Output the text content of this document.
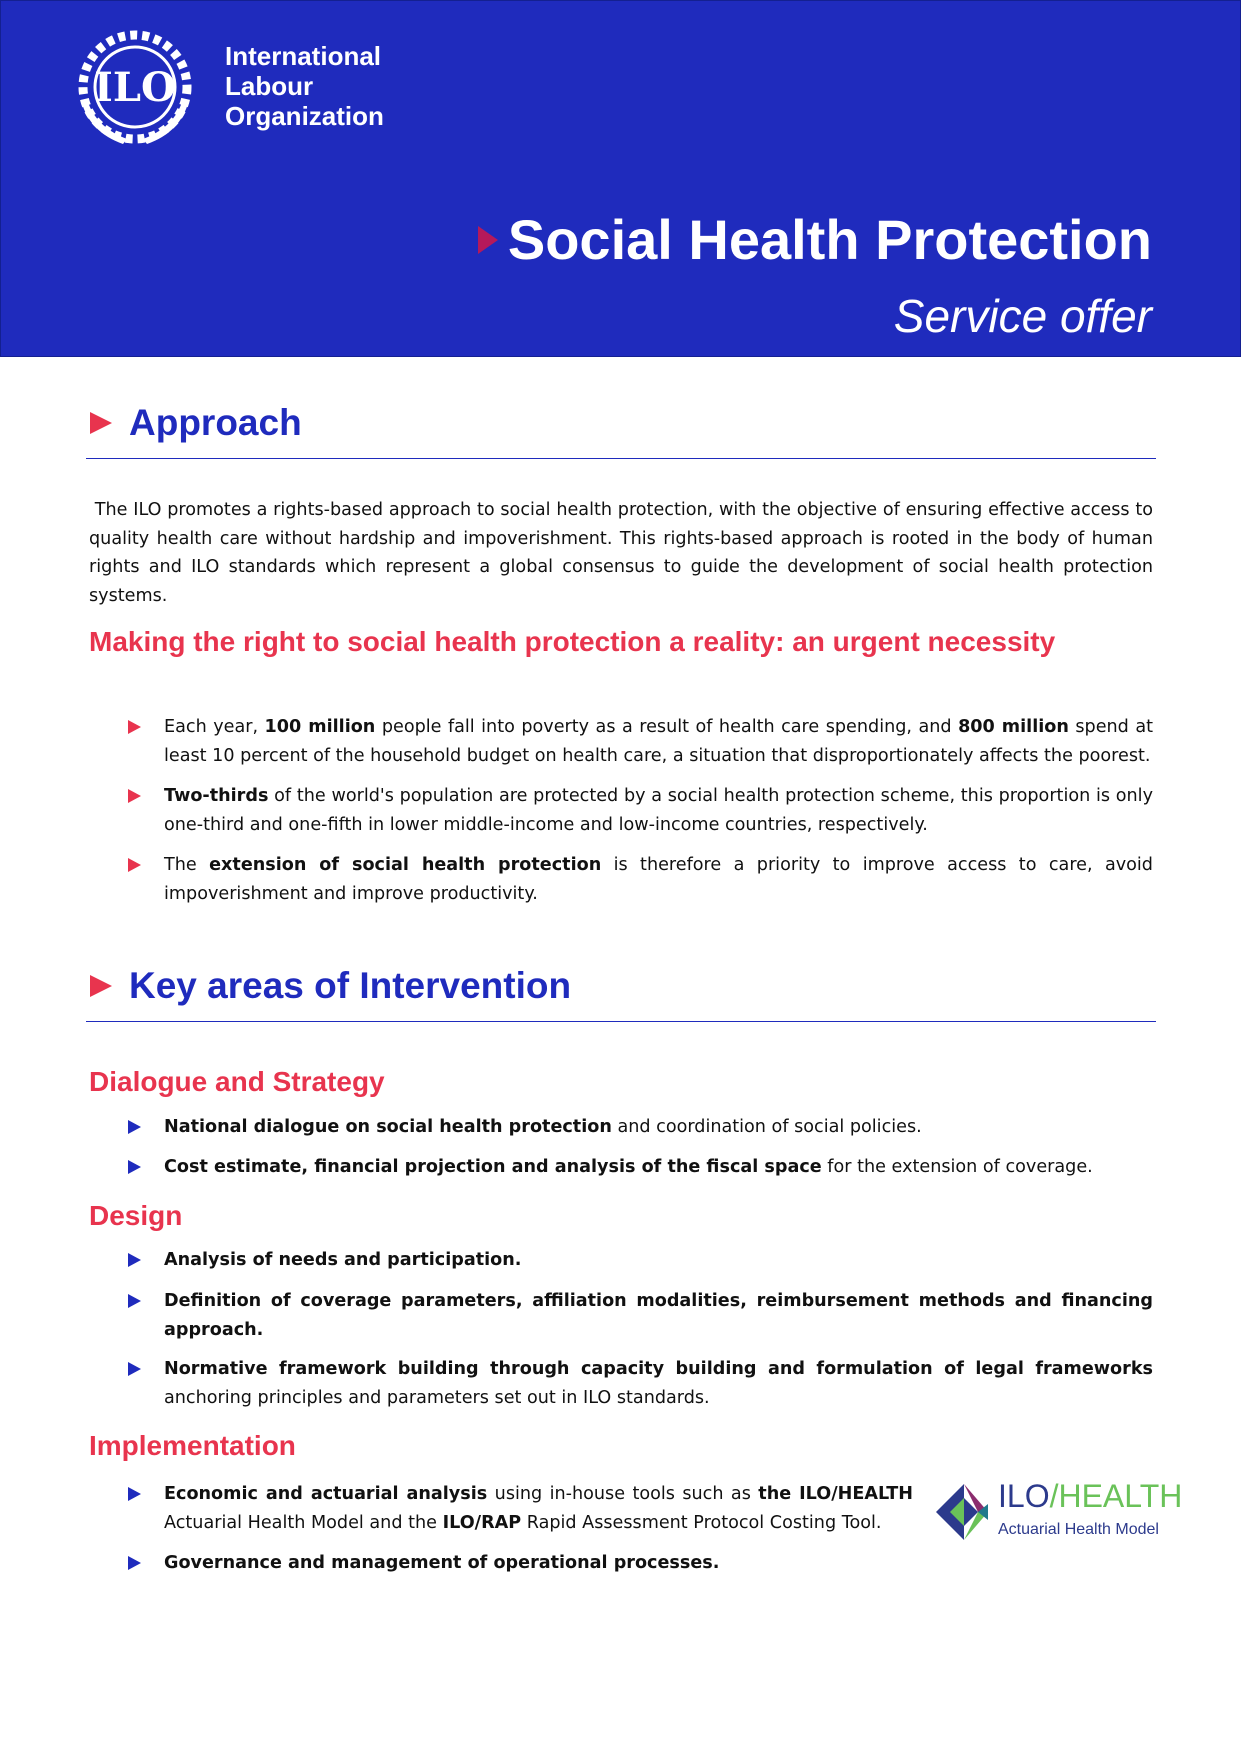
ILO
International
Labour
Organization
Social Health Protection
Service offer
Approach
The ILO promotes a rights-based approach to social health protection, with the objective of ensuring effective access to quality health care without hardship and impoverishment. This rights-based approach is rooted in the body of human rights and ILO standards which represent a global consensus to guide the development of social health protection systems.
Making the right to social health protection a reality: an urgent necessity
Each year, 100 million people fall into poverty as a result of health care spending, and 800 million spend at least 10 percent of the household budget on health care, a situation that disproportionately affects the poorest.
Two-thirds of the world's population are protected by a social health protection scheme, this proportion is only one-third and one-fifth in lower middle-income and low-income countries, respectively.
The extension of social health protection is therefore a priority to improve access to care, avoid impoverishment and improve productivity.
Key areas of Intervention
Dialogue and Strategy
National dialogue on social health protection and coordination of social policies.
Cost estimate, financial projection and analysis of the fiscal space for the extension of coverage.
Design
Analysis of needs and participation.
Definition of coverage parameters, affiliation modalities, reimbursement methods and financing approach.
Normative framework building through capacity building and formulation of legal frameworks anchoring principles and parameters set out in ILO standards.
Implementation
Economic and actuarial analysis using in-house tools such as the ILO/HEALTH Actuarial Health Model and the ILO/RAP Rapid Assessment Protocol Costing Tool.
Governance and management of operational processes.
ILO/HEALTH
Actuarial Health Model
